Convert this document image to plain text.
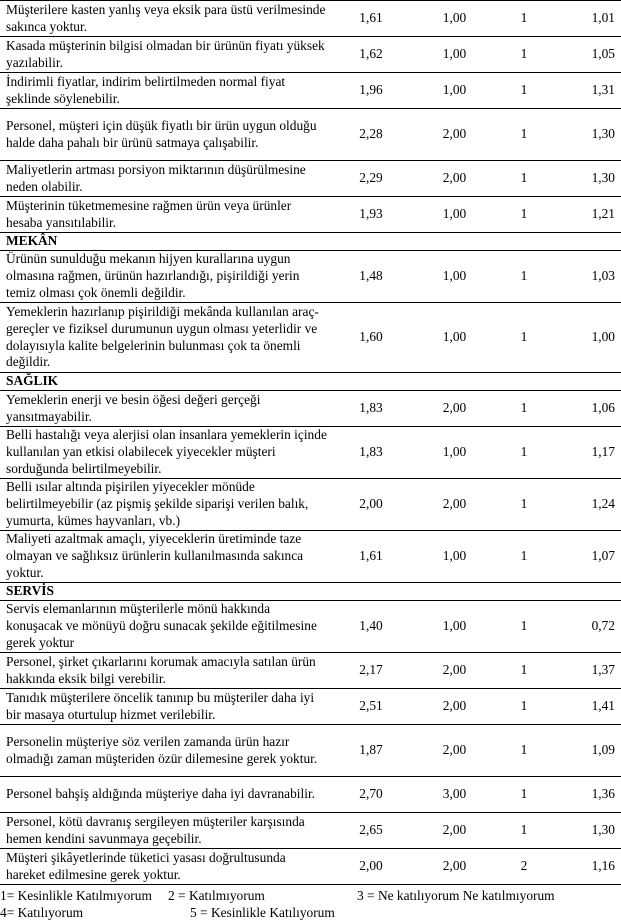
Müşterilere kasten yanlış veya eksik para üstü verilmesinde sakınca yoktur.	1,61	1,00	1	1,01
Kasada müşterinin bilgisi olmadan bir ürünün fiyatı yüksek yazılabilir.	1,62	1,00	1	1,05
İndirimli fiyatlar, indirim belirtilmeden normal fiyat şeklinde söylenebilir.	1,96	1,00	1	1,31
Personel, müşteri için düşük fiyatlı bir ürün uygun olduğu halde daha pahalı bir ürünü satmaya çalışabilir.	2,28	2,00	1	1,30
Maliyetlerin artması porsiyon miktarının düşürülmesine neden olabilir.	2,29	2,00	1	1,30
Müşterinin tüketmemesine rağmen ürün veya ürünler hesaba yansıtılabilir.	1,93	1,00	1	1,21
MEKÂN				
Ürünün sunulduğu mekanın hijyen kurallarına uygun olmasına rağmen, ürünün hazırlandığı, pişirildiği yerin temiz olması çok önemli değildir.	1,48	1,00	1	1,03
Yemeklerin hazırlanıp pişirildiği mekânda kullanılan araç-gereçler ve fiziksel durumunun uygun olması yeterlidir ve dolayısıyla kalite belgelerinin bulunması çok ta önemli değildir.	1,60	1,00	1	1,00
SAĞLIK				
Yemeklerin enerji ve besin öğesi değeri gerçeği yansıtmayabilir.	1,83	2,00	1	1,06
Belli hastalığı veya alerjisi olan insanlara yemeklerin içinde kullanılan yan etkisi olabilecek yiyecekler müşteri sorduğunda belirtilmeyebilir.	1,83	1,00	1	1,17
Belli ısılar altında pişirilen yiyecekler mönüde belirtilmeyebilir (az pişmiş şekilde siparişi verilen balık, yumurta, kümes hayvanları, vb.)	2,00	2,00	1	1,24
Maliyeti azaltmak amaçlı, yiyeceklerin üretiminde taze olmayan ve sağlıksız ürünlerin kullanılmasında sakınca yoktur.	1,61	1,00	1	1,07
SERVİS				
Servis elemanlarının müşterilerle mönü hakkında konuşacak ve mönüyü doğru sunacak şekilde eğitilmesine gerek yoktur	1,40	1,00	1	0,72
Personel, şirket çıkarlarını korumak amacıyla satılan ürün hakkında eksik bilgi verebilir.	2,17	2,00	1	1,37
Tanıdık müşterilere öncelik tanınıp bu müşteriler daha iyi bir masaya oturtulup hizmet verilebilir.	2,51	2,00	1	1,41
Personelin müşteriye söz verilen zamanda ürün hazır olmadığı zaman müşteriden özür dilemesine gerek yoktur.	1,87	2,00	1	1,09
Personel bahşiş aldığında müşteriye daha iyi davranabilir.	2,70	3,00	1	1,36
Personel, kötü davranış sergileyen müşteriler karşısında hemen kendini savunmaya geçebilir.	2,65	2,00	1	1,30
Müşteri şikâyetlerinde tüketici yasası doğrultusunda hareket edilmesine gerek yoktur.	2,00	2,00	2	1,16
1= Kesinlikle Katılmıyorum 2 = Katılmıyorum	3 = Ne katılıyorum Ne katılmıyorum
4= Katılıyorum	5 = Kesinlikle Katılıyorum
